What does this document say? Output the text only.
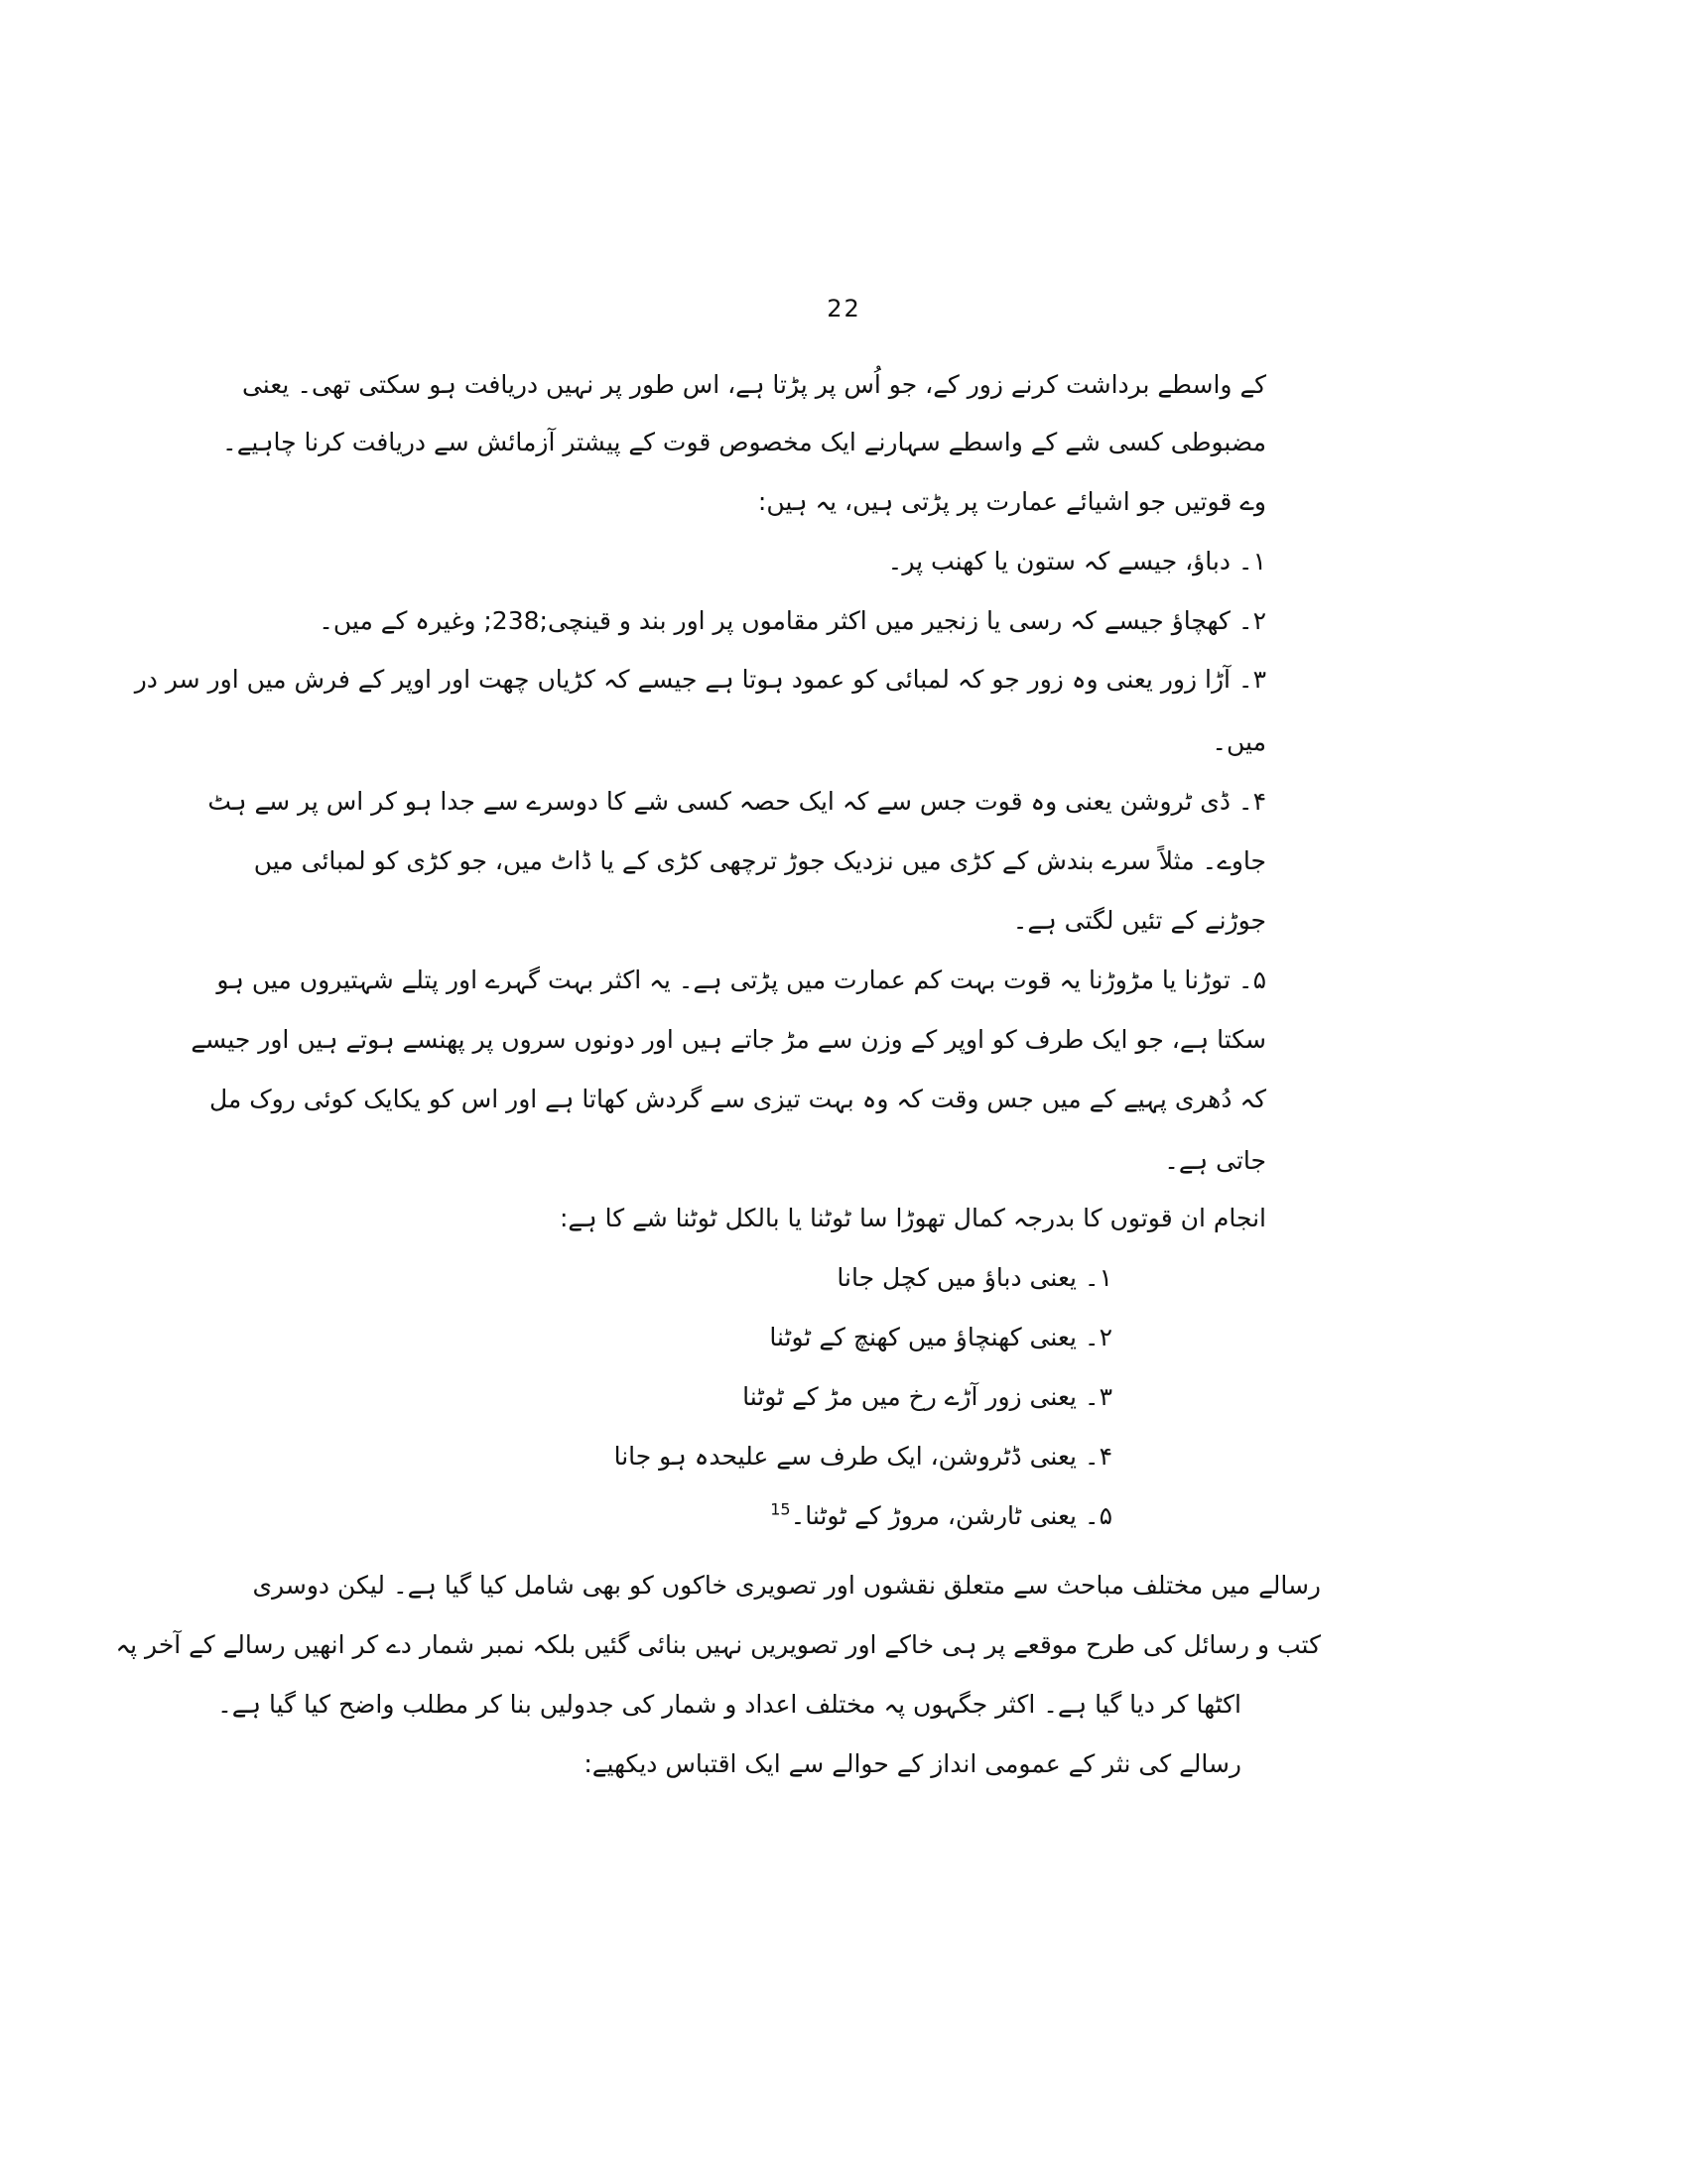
22
کے واسطے برداشت کرنے زور کے، جو اُس پر پڑتا ہے، اس طور پر نہیں دریافت ہو سکتی تھی۔ یعنی
مضبوطی کسی شے کے واسطے سہارنے ایک مخصوص قوت کے پیشتر آزمائش سے دریافت کرنا چاہیے۔
وے قوتیں جو اشیائے عمارت پر پڑتی ہیں، یہ ہیں:
۱۔ دباؤ، جیسے کہ ستون یا کھنب پر۔
۲۔ کھچاؤ جیسے کہ رسی یا زنجیر میں اکثر مقاموں پر اور بند و قینچی;238; وغیرہ کے میں۔
۳۔ آڑا زور یعنی وہ زور جو کہ لمبائی کو عمود ہوتا ہے جیسے کہ کڑیاں چھت اور اوپر کے فرش میں اور سر در
میں۔
۴۔ ڈی ٹروشن یعنی وہ قوت جس سے کہ ایک حصہ کسی شے کا دوسرے سے جدا ہو کر اس پر سے ہٹ
جاوے۔ مثلاً سرے بندش کے کڑی میں نزدیک جوڑ ترچھی کڑی کے یا ڈاٹ میں، جو کڑی کو لمبائی میں
جوڑنے کے تئیں لگتی ہے۔
۵۔ توڑنا یا مڑوڑنا یہ قوت بہت کم عمارت میں پڑتی ہے۔ یہ اکثر بہت گہرے اور پتلے شہتیروں میں ہو
سکتا ہے، جو ایک طرف کو اوپر کے وزن سے مڑ جاتے ہیں اور دونوں سروں پر پھنسے ہوتے ہیں اور جیسے
کہ دُھری پہیے کے میں جس وقت کہ وہ بہت تیزی سے گردش کھاتا ہے اور اس کو یکایک کوئی روک مل
جاتی ہے۔
انجام ان قوتوں کا بدرجہ کمال تھوڑا سا ٹوٹنا یا بالکل ٹوٹنا شے کا ہے:
۱۔ یعنی دباؤ میں کچل جانا
۲۔ یعنی کھنچاؤ میں کھنچ کے ٹوٹنا
۳۔ یعنی زور آڑے رخ میں مڑ کے ٹوٹنا
۴۔ یعنی ڈٹروشن، ایک طرف سے علیحدہ ہو جانا
۵۔ یعنی ٹارشن، مروڑ کے ٹوٹنا۔$^{15}$
رسالے میں مختلف مباحث سے متعلق نقشوں اور تصویری خاکوں کو بھی شامل کیا گیا ہے۔ لیکن دوسری
کتب و رسائل کی طرح موقعے پر ہی خاکے اور تصویریں نہیں بنائی گئیں بلکہ نمبر شمار دے کر انھیں رسالے کے آخر پہ
اکٹھا کر دیا گیا ہے۔ اکثر جگہوں پہ مختلف اعداد و شمار کی جدولیں بنا کر مطلب واضح کیا گیا ہے۔
رسالے کی نثر کے عمومی انداز کے حوالے سے ایک اقتباس دیکھیے:
